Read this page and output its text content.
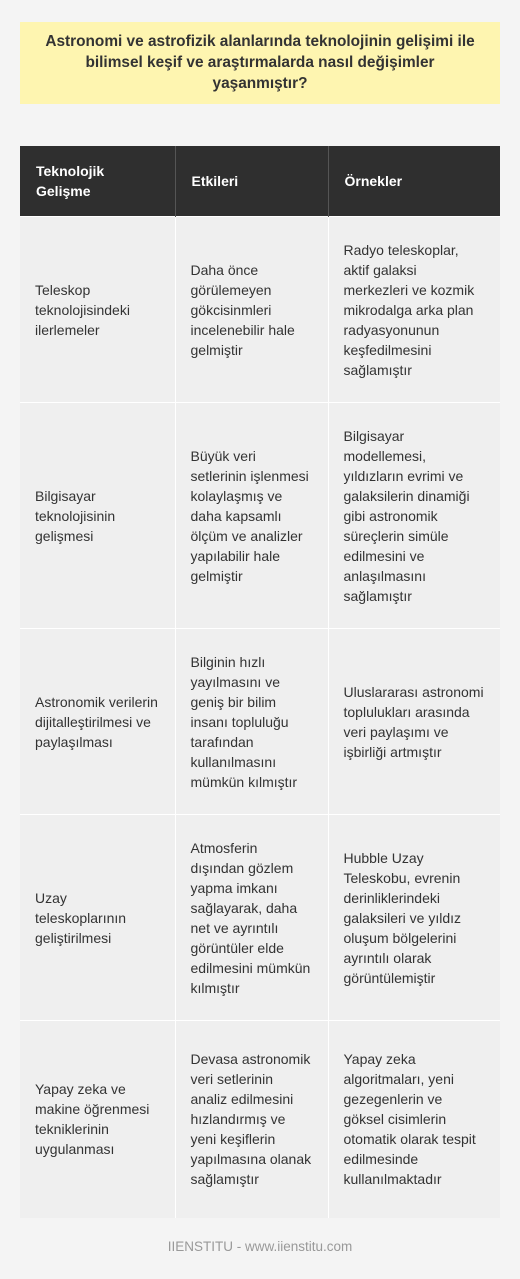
Astronomi ve astrofizik alanlarında teknolojinin gelişimi ile bilimsel keşif ve araştırmalarda nasıl değişimler yaşanmıştır?
Teknolojik Gelişme	Etkileri	Örnekler
Teleskop teknolojisindeki ilerlemeler	Daha önce görülemeyen gökcisinmleri incelenebilir hale gelmiştir	Radyo teleskoplar, aktif galaksi merkezleri ve kozmik mikrodalga arka plan radyasyonunun keşfedilmesini sağlamıştır
Bilgisayar teknolojisinin gelişmesi	Büyük veri setlerinin işlenmesi kolaylaşmış ve daha kapsamlı ölçüm ve analizler yapılabilir hale gelmiştir	Bilgisayar modellemesi, yıldızların evrimi ve galaksilerin dinamiği gibi astronomik süreçlerin simüle edilmesini ve anlaşılmasını sağlamıştır
Astronomik verilerin dijitalleştirilmesi ve paylaşılması	Bilginin hızlı yayılmasını ve geniş bir bilim insanı topluluğu tarafından kullanılmasını mümkün kılmıştır	Uluslararası astronomi toplulukları arasında veri paylaşımı ve işbirliği artmıştır
Uzay teleskoplarının geliştirilmesi	Atmosferin dışından gözlem yapma imkanı sağlayarak, daha net ve ayrıntılı görüntüler elde edilmesini mümkün kılmıştır	Hubble Uzay Teleskobu, evrenin derinliklerindeki galaksileri ve yıldız oluşum bölgelerini ayrıntılı olarak görüntülemiştir
Yapay zeka ve makine öğrenmesi tekniklerinin uygulanması	Devasa astronomik veri setlerinin analiz edilmesini hızlandırmış ve yeni keşiflerin yapılmasına olanak sağlamıştır	Yapay zeka algoritmaları, yeni gezegenlerin ve göksel cisimlerin otomatik olarak tespit edilmesinde kullanılmaktadır
IIENSTITU - www.iienstitu.com
